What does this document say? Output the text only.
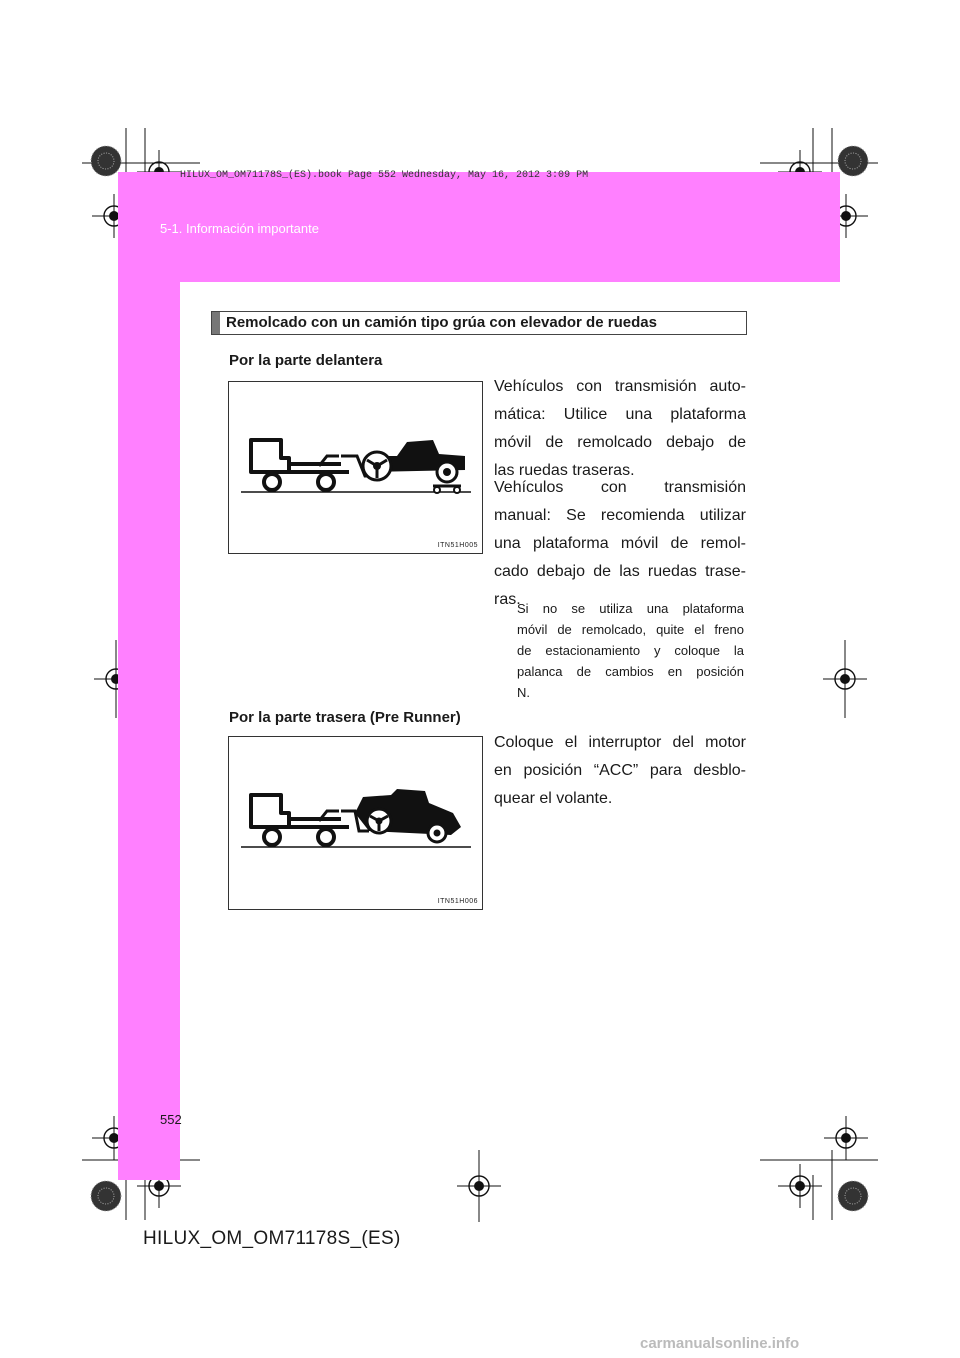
HILUX_OM_OM71178S_(ES).book Page 552 Wednesday, May 16, 2012 3:09 PM
5-1. Información importante
Remolcado con un camión tipo grúa con elevador de ruedas
Por la parte delantera
ITN51H005
Vehículos con transmisión auto-
mática: Utilice una plataforma
móvil de remolcado debajo de
las ruedas traseras.
Vehículos con transmisión
manual: Se recomienda utilizar
una plataforma móvil de remol-
cado debajo de las ruedas trase-
ras.
Si no se utiliza una plataforma
móvil de remolcado, quite el freno
de estacionamiento y coloque la
palanca de cambios en posición
N.
Por la parte trasera (Pre Runner)
ITN51H006
Coloque el interruptor del motor
en posición “ACC” para desblo-
quear el volante.
552
HILUX_OM_OM71178S_(ES)
carmanualsonline.info
